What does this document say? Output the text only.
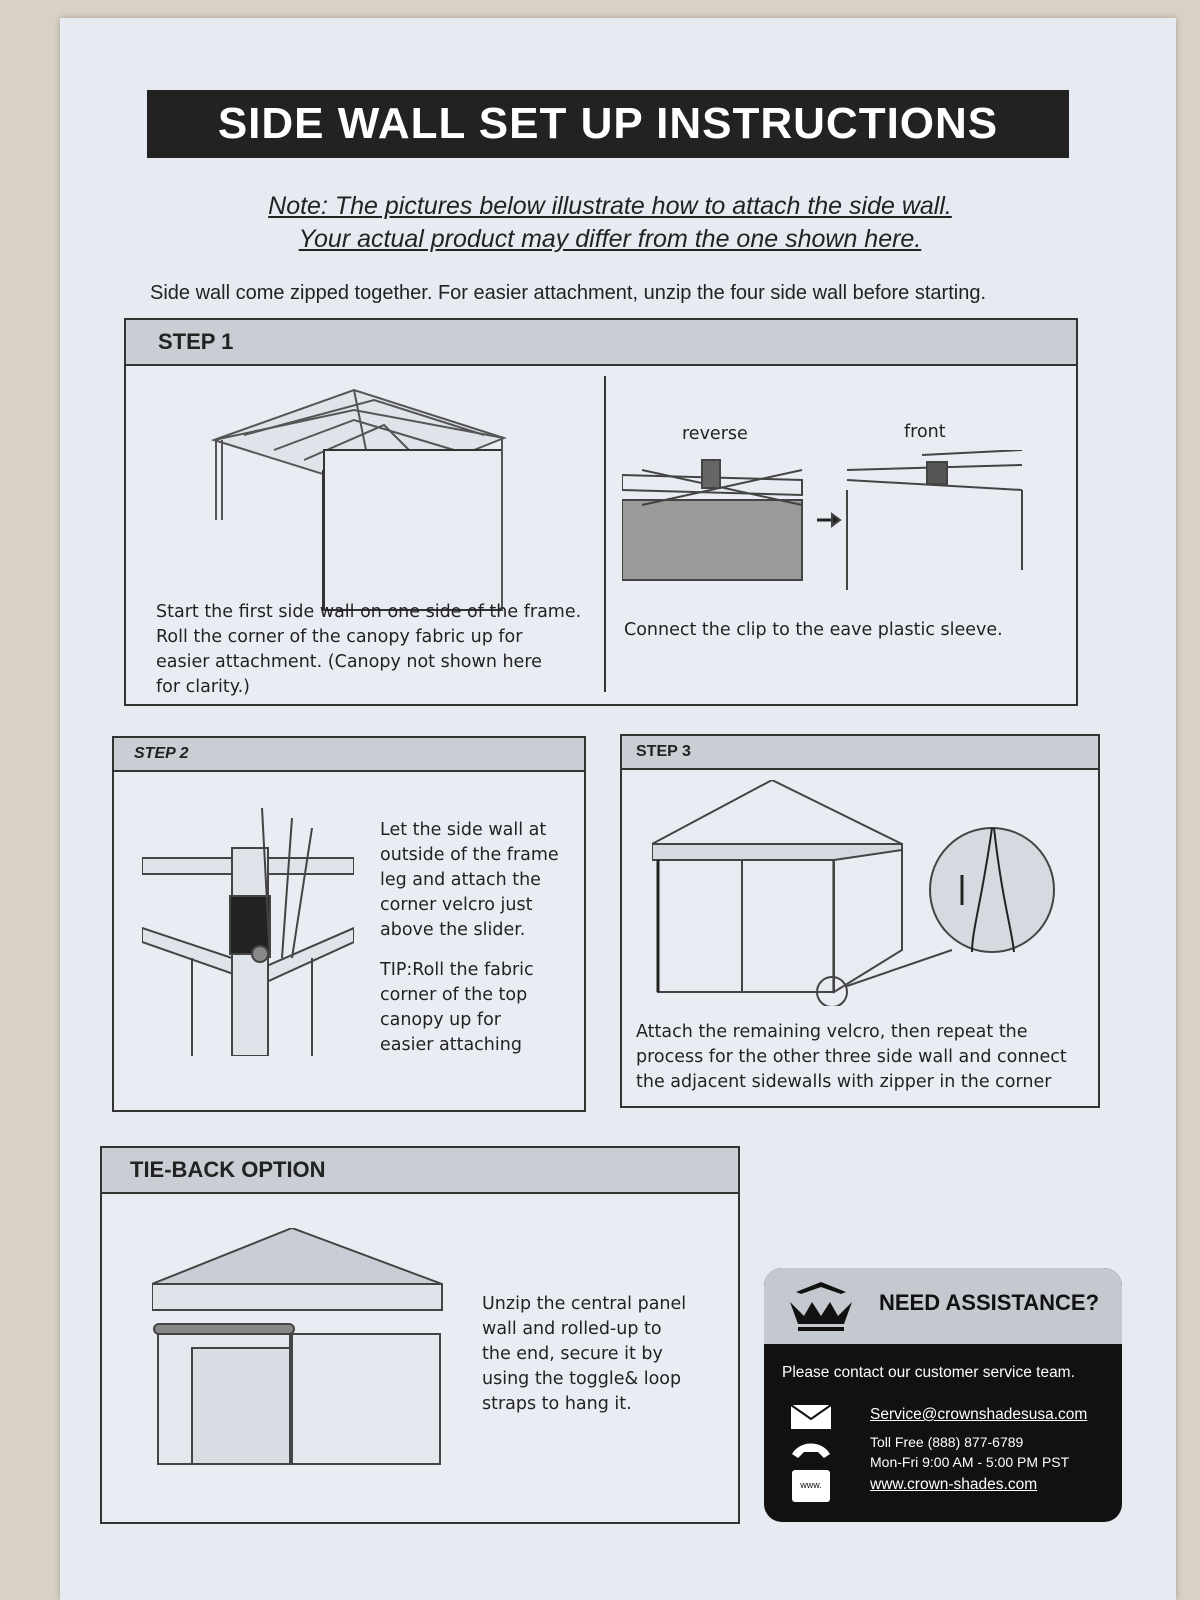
SIDE WALL SET UP INSTRUCTIONS
Note: The pictures below illustrate how to attach the side wall.
Your actual product may differ from the one shown here.
Side wall come zipped together. For easier attachment, unzip the four side wall before starting.
STEP 1
Start the first side wall on one side of the frame.
Roll the corner of the canopy fabric up for
easier attachment. (Canopy not shown here
for clarity.)
reverse	front
Connect the clip to the eave plastic sleeve.
STEP 2
Let the side wall at
outside of the frame
leg and attach the
corner velcro just
above the slider.
TIP:Roll the fabric
corner of the top
canopy up for
easier attaching
STEP 3
Attach the remaining velcro, then repeat the
process for the other three side wall and connect
the adjacent sidewalls with zipper in the corner
TIE-BACK OPTION
Unzip the central panel
wall and rolled-up to
the end, secure it by
using the toggle& loop
straps to hang it.
NEED ASSISTANCE?
Please contact our customer service team.
Service@crownshadesusa.com
Toll Free (888) 877-6789
Mon-Fri 9:00 AM - 5:00 PM PST
www.	www.crown-shades.com
